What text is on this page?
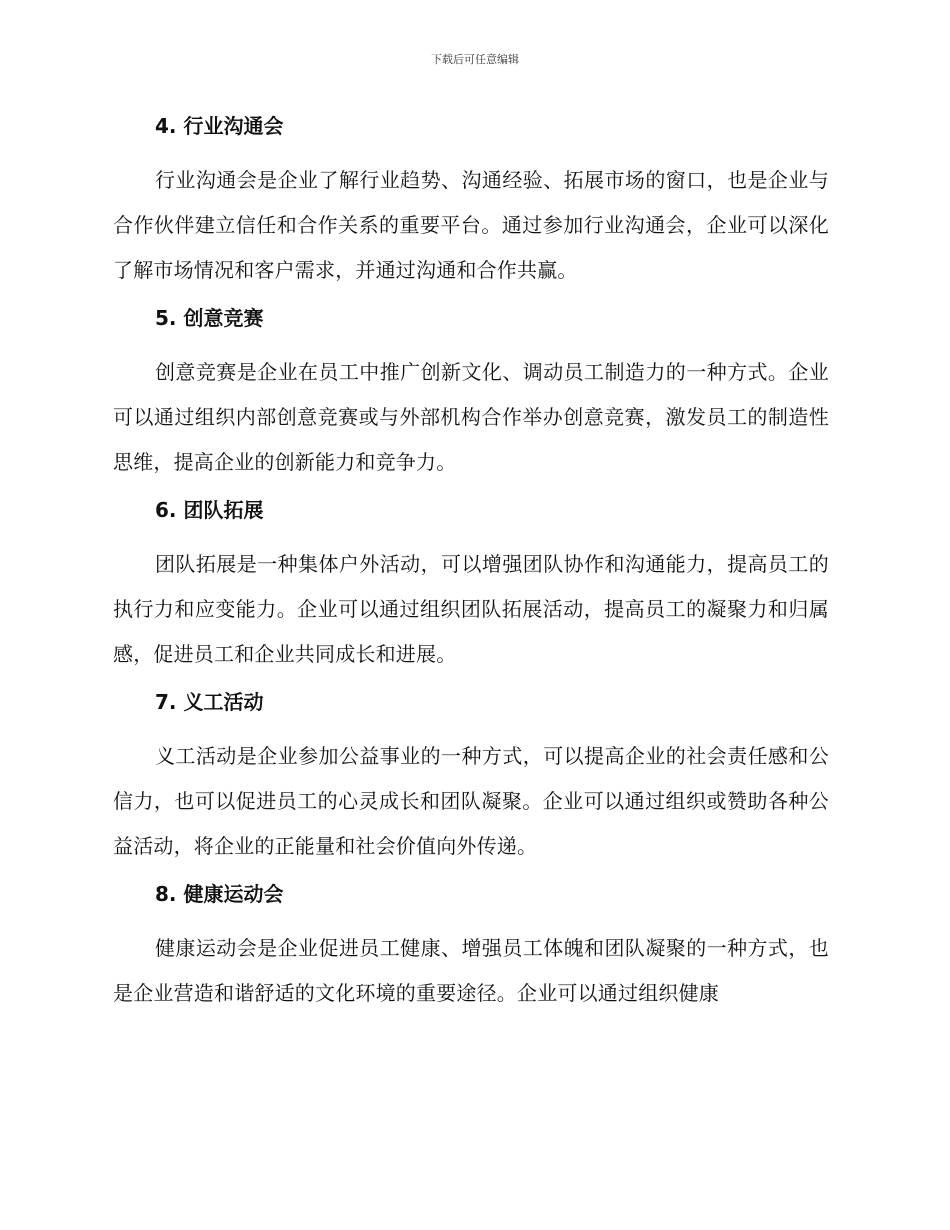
下载后可任意编辑
4. 行业沟通会

行业沟通会是企业了解行业趋势、沟通经验、拓展市场的窗口，也是企业与合作伙伴建立信任和合作关系的重要平台。通过参加行业沟通会，企业可以深化了解市场情况和客户需求，并通过沟通和合作共赢。

5. 创意竞赛

创意竞赛是企业在员工中推广创新文化、调动员工制造力的一种方式。企业可以通过组织内部创意竞赛或与外部机构合作举办创意竞赛，激发员工的制造性思维，提高企业的创新能力和竞争力。

6. 团队拓展

团队拓展是一种集体户外活动，可以增强团队协作和沟通能力，提高员工的执行力和应变能力。企业可以通过组织团队拓展活动，提高员工的凝聚力和归属感，促进员工和企业共同成长和进展。

7. 义工活动

义工活动是企业参加公益事业的一种方式，可以提高企业的社会责任感和公信力，也可以促进员工的心灵成长和团队凝聚。企业可以通过组织或赞助各种公益活动，将企业的正能量和社会价值向外传递。

8. 健康运动会

健康运动会是企业促进员工健康、增强员工体魄和团队凝聚的一种方式，也是企业营造和谐舒适的文化环境的重要途径。企业可以通过组织健康
